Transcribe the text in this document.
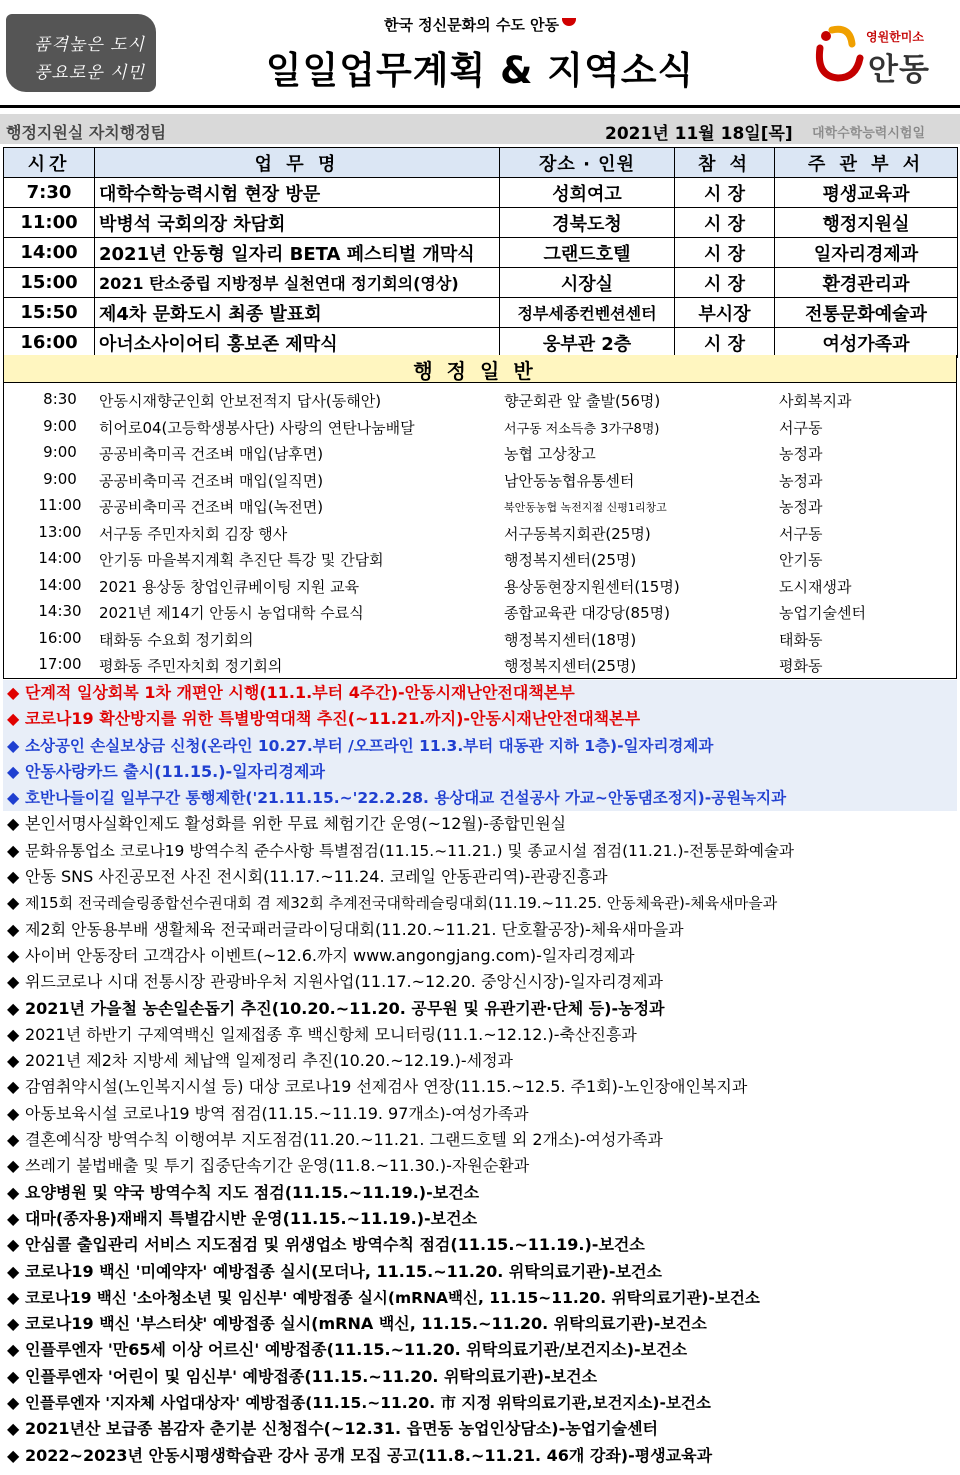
품격높은 도시
풍요로운 시민
한국 정신문화의 수도 안동
일일업무계획 & 지역소식
영원한미소
안동
행정지원실 자치행정팀	2021년 11월 18일[목] 대학수학능력시험일
시간	업 무 명	장소 · 인원	참 석	주 관 부 서
7:30	대학수학능력시험 현장 방문	성희여고	시 장	평생교육과
11:00	박병석 국회의장 차담회	경북도청	시 장	행정지원실
14:00	2021년 안동형 일자리 BETA 페스티벌 개막식	그랜드호텔	시 장	일자리경제과
15:00	2021 탄소중립 지방정부 실천연대 정기회의(영상)	시장실	시 장	환경관리과
15:50	제4차 문화도시 최종 발표회	정부세종컨벤션센터	부시장	전통문화예술과
16:00	아너소사이어티 홍보존 제막식	웅부관 2층	시 장	여성가족과
행정일반
8:30	안동시재향군인회 안보전적지 답사(동해안)	향군회관 앞 출발(56명)	사회복지과
9:00	히어로04(고등학생봉사단) 사랑의 연탄나눔배달	서구동 저소득층 3가구8명)	서구동
9:00	공공비축미곡 건조벼 매입(남후면)	농협 고상창고	농정과
9:00	공공비축미곡 건조벼 매입(일직면)	남안동농협유통센터	농정과
11:00	공공비축미곡 건조벼 매입(녹전면)	북안동농협 녹전지점 신평1리창고	농정과
13:00	서구동 주민자치회 김장 행사	서구동복지회관(25명)	서구동
14:00	안기동 마을복지계획 추진단 특강 및 간담회	행정복지센터(25명)	안기동
14:00	2021 용상동 창업인큐베이팅 지원 교육	용상동현장지원센터(15명)	도시재생과
14:30	2021년 제14기 안동시 농업대학 수료식	종합교육관 대강당(85명)	농업기술센터
16:00	태화동 수요회 정기회의	행정복지센터(18명)	태화동
17:00	평화동 주민자치회 정기회의	행정복지센터(25명)	평화동
◆ 단계적 일상회복 1차 개편안 시행(11.1.부터 4주간)-안동시재난안전대책본부
◆ 코로나19 확산방지를 위한 특별방역대책 추진(~11.21.까지)-안동시재난안전대책본부
◆ 소상공인 손실보상금 신청(온라인 10.27.부터 /오프라인 11.3.부터 대동관 지하 1층)-일자리경제과
◆ 안동사랑카드 출시(11.15.)-일자리경제과
◆ 호반나들이길 일부구간 통행제한('21.11.15.~'22.2.28. 용상대교 건설공사 가교~안동댐조정지)-공원녹지과
◆ 본인서명사실확인제도 활성화를 위한 무료 체험기간 운영(~12월)-종합민원실
◆ 문화유통업소 코로나19 방역수칙 준수사항 특별점검(11.15.~11.21.) 및 종교시설 점검(11.21.)-전통문화예술과
◆ 안동 SNS 사진공모전 사진 전시회(11.17.~11.24. 코레일 안동관리역)-관광진흥과
◆ 제15회 전국레슬링종합선수권대회 겸 제32회 추계전국대학레슬링대회(11.19.~11.25. 안동체육관)-체육새마을과
◆ 제2회 안동용부배 생활체육 전국패러글라이딩대회(11.20.~11.21. 단호활공장)-체육새마을과
◆ 사이버 안동장터 고객감사 이벤트(~12.6.까지 www.angongjang.com)-일자리경제과
◆ 위드코로나 시대 전통시장 관광바우처 지원사업(11.17.~12.20. 중앙신시장)-일자리경제과
◆ 2021년 가을철 농손일손돕기 추진(10.20.~11.20. 공무원 및 유관기관·단체 등)-농정과
◆ 2021년 하반기 구제역백신 일제접종 후 백신항체 모니터링(11.1.~12.12.)-축산진흥과
◆ 2021년 제2차 지방세 체납액 일제정리 추진(10.20.~12.19.)-세정과
◆ 감염취약시설(노인복지시설 등) 대상 코로나19 선제검사 연장(11.15.~12.5. 주1회)-노인장애인복지과
◆ 아동보육시설 코로나19 방역 점검(11.15.~11.19. 97개소)-여성가족과
◆ 결혼예식장 방역수칙 이행여부 지도점검(11.20.~11.21. 그랜드호텔 외 2개소)-여성가족과
◆ 쓰레기 불법배출 및 투기 집중단속기간 운영(11.8.~11.30.)-자원순환과
◆ 요양병원 및 약국 방역수칙 지도 점검(11.15.~11.19.)-보건소
◆ 대마(종자용)재배지 특별감시반 운영(11.15.~11.19.)-보건소
◆ 안심콜 출입관리 서비스 지도점검 및 위생업소 방역수칙 점검(11.15.~11.19.)-보건소
◆ 코로나19 백신 '미예약자' 예방접종 실시(모더나, 11.15.~11.20. 위탁의료기관)-보건소
◆ 코로나19 백신 '소아청소년 및 임신부' 예방접종 실시(mRNA백신, 11.15~11.20. 위탁의료기관)-보건소
◆ 코로나19 백신 '부스터샷' 예방접종 실시(mRNA 백신, 11.15.~11.20. 위탁의료기관)-보건소
◆ 인플루엔자 '만65세 이상 어르신' 예방접종(11.15.~11.20. 위탁의료기관/보건지소)-보건소
◆ 인플루엔자 '어린이 및 임신부' 예방접종(11.15.~11.20. 위탁의료기관)-보건소
◆ 인플루엔자 '지자체 사업대상자' 예방접종(11.15.~11.20. 市 지정 위탁의료기관,보건지소)-보건소
◆ 2021년산 보급종 봄감자 춘기분 신청접수(~12.31. 읍면동 농업인상담소)-농업기술센터
◆ 2022~2023년 안동시평생학습관 강사 공개 모집 공고(11.8.~11.21. 46개 강좌)-평생교육과
